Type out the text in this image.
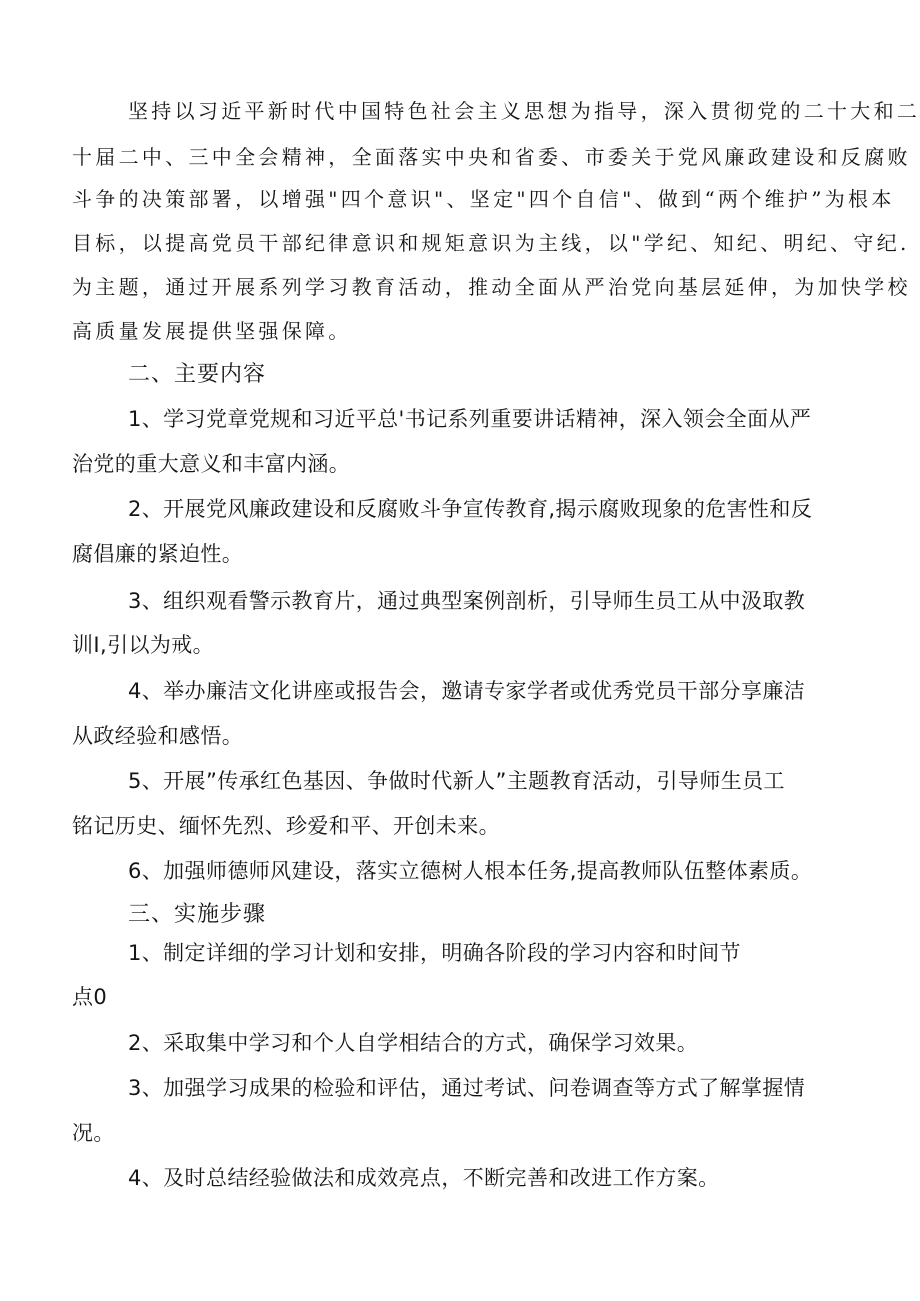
坚持以习近平新时代中国特色社会主义思想为指导，深入贯彻党的二十大和二
十届二中、三中全会精神，全面落实中央和省委、市委关于党风廉政建设和反腐败
斗争的决策部署，以增强"四个意识"、坚定"四个自信"、做到“两个维护”为根本
目标，以提高党员干部纪律意识和规矩意识为主线，以"学纪、知纪、明纪、守纪.
为主题，通过开展系列学习教育活动，推动全面从严治党向基层延伸，为加快学校
高质量发展提供坚强保障。
二、主要内容
1、学习党章党规和习近平总'书记系列重要讲话精神，深入领会全面从严
治党的重大意义和丰富内涵。
2、开展党风廉政建设和反腐败斗争宣传教育,揭示腐败现象的危害性和反
腐倡廉的紧迫性。
3、组织观看警示教育片，通过典型案例剖析，引导师生员工从中汲取教
训I,引以为戒。
4、举办廉洁文化讲座或报告会，邀请专家学者或优秀党员干部分享廉洁
从政经验和感悟。
5、开展”传承红色基因、争做时代新人”主题教育活动，引导师生员工
铭记历史、缅怀先烈、珍爱和平、开创未来。
6、加强师德师风建设，落实立德树人根本任务,提高教师队伍整体素质。
三、实施步骤
1、制定详细的学习计划和安排，明确各阶段的学习内容和时间节
点0
2、采取集中学习和个人自学相结合的方式，确保学习效果。
3、加强学习成果的检验和评估，通过考试、问卷调查等方式了解掌握情
况。
4、及时总结经验做法和成效亮点，不断完善和改进工作方案。
